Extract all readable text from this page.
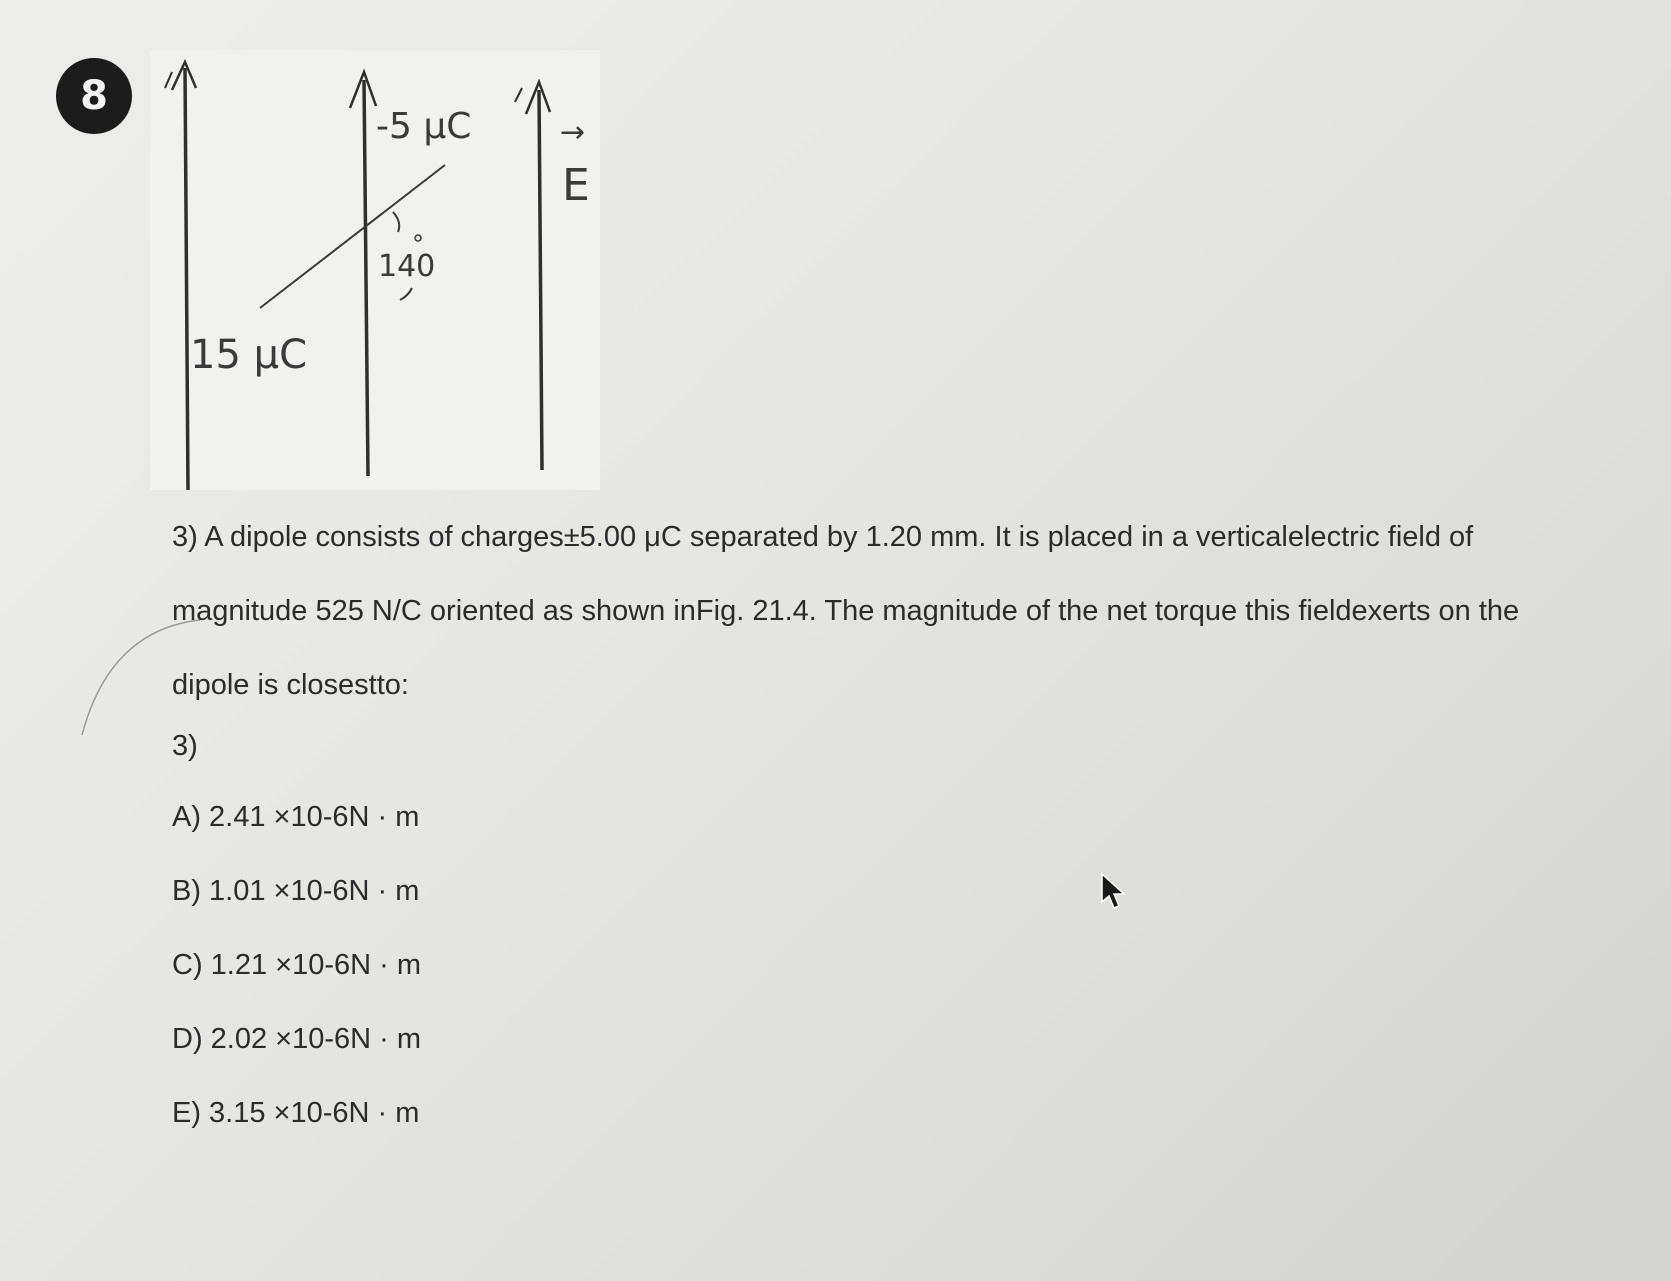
8
15 μC
-5 μC
140
→
E

3) A dipole consists of charges±5.00 μC separated by 1.20 mm. It is placed in a verticalelectric field of magnitude 525 N/C oriented as shown inFig. 21.4. The magnitude of the net torque this fieldexerts on the dipole is closestto:

3)
A) 2.41 ×10-6N · m
B) 1.01 ×10-6N · m
C) 1.21 ×10-6N · m
D) 2.02 ×10-6N · m
E) 3.15 ×10-6N · m
